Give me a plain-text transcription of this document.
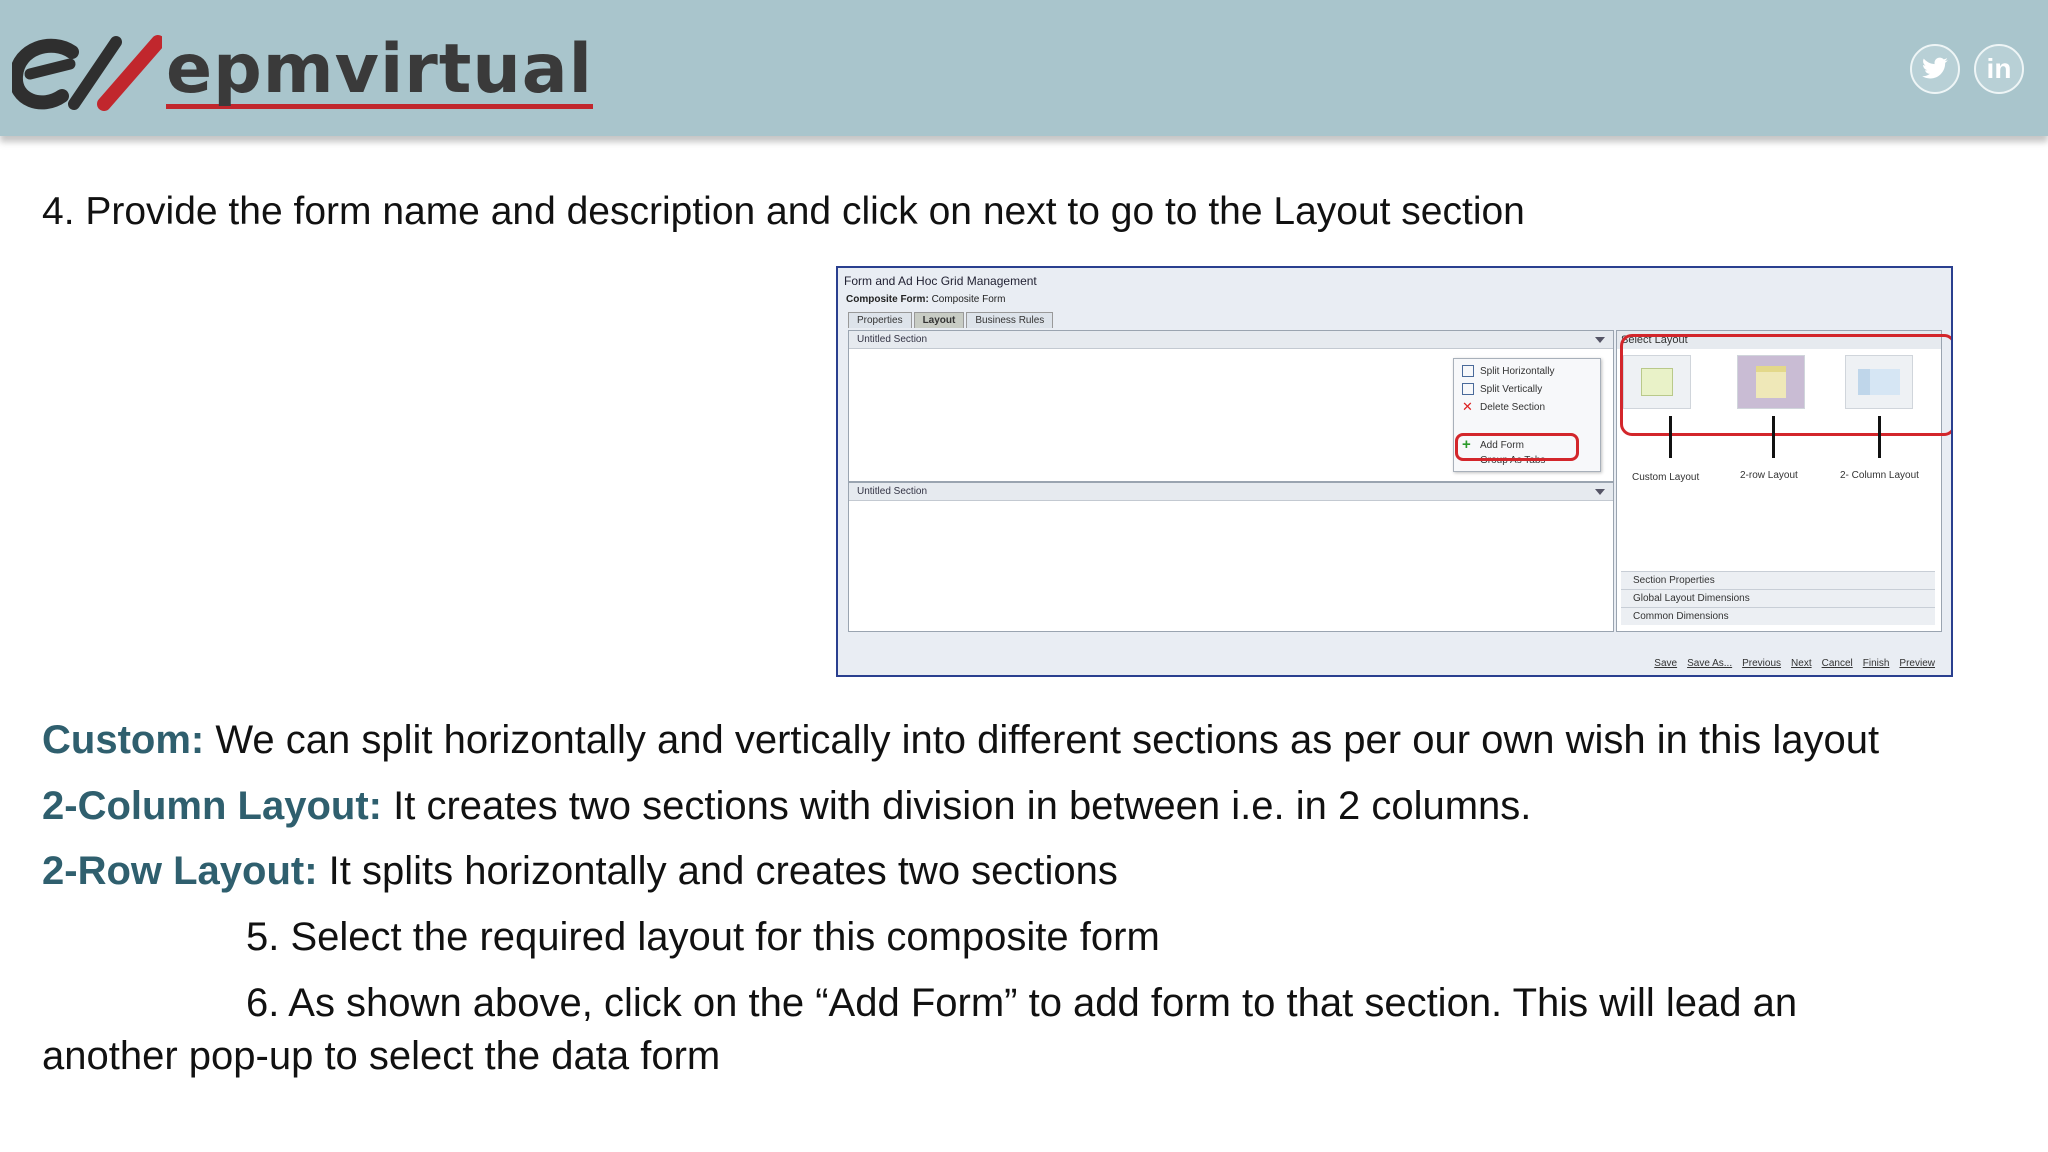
epmvirtual	in
4. Provide the form name and description and click on next to go to the Layout section
Form and Ad Hoc Grid Management
Composite Form: Composite Form
Properties	Layout	Business Rules
Untitled Section
Untitled Section
Split Horizontally
Split Vertically
✕ Delete Section
+ Add Form
Group As Tabs
Select Layout
Section Properties
Global Layout Dimensions
Common Dimensions
Custom Layout	2-row Layout	2- Column Layout
Save Save As... Previous Next Cancel Finish Preview
Custom: We can split horizontally and vertically into different sections as per our own wish in this layout
2-Column Layout: It creates two sections with division in between i.e. in 2 columns.
2-Row Layout: It splits horizontally and creates two sections
5. Select the required layout for this composite form
6. As shown above, click on the “Add Form” to add form to that section. This will lead an
another pop-up to select the data form
